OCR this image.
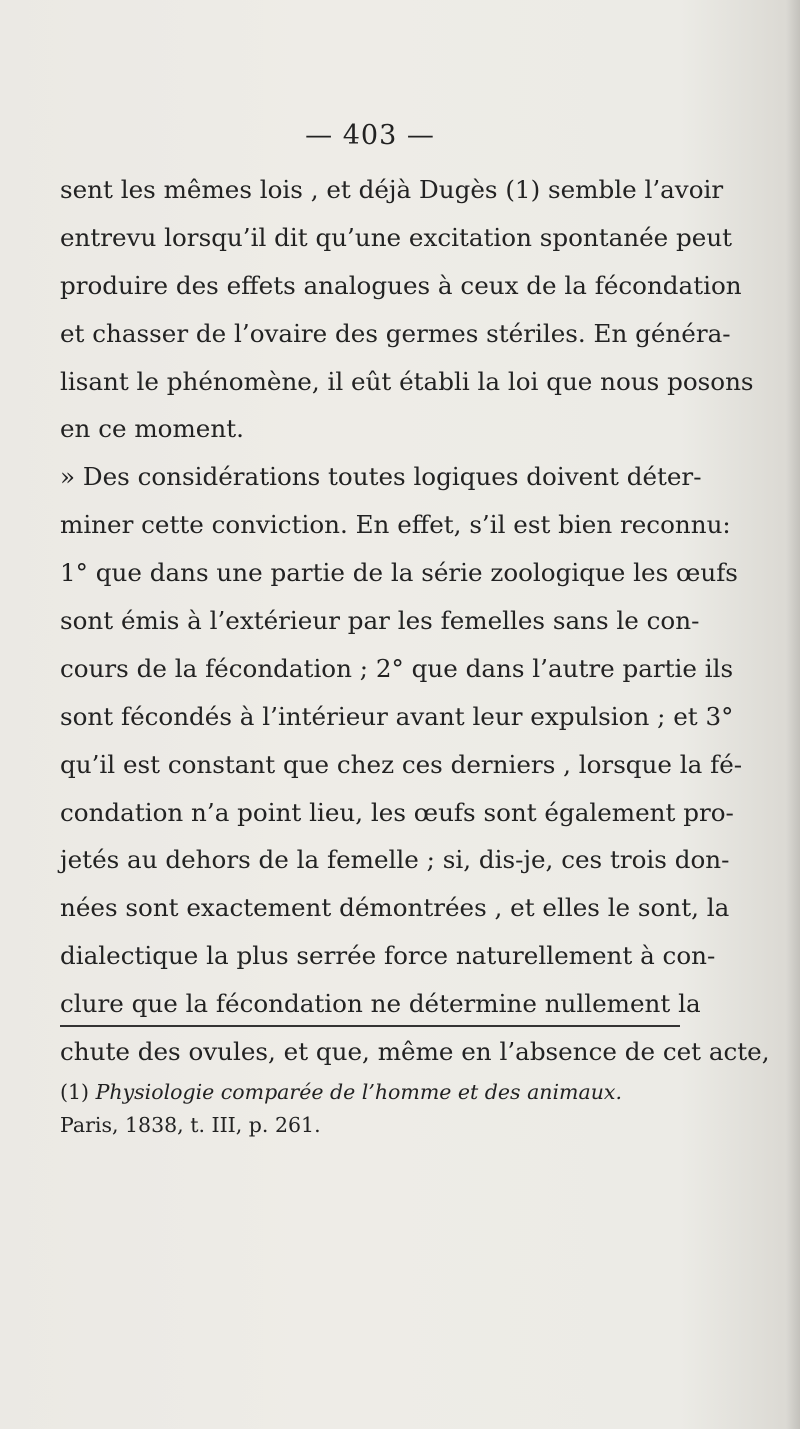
— 403 —
sent les mêmes lois , et déjà Dugès (1) semble l’avoir
entrevu lorsqu’il dit qu’une excitation spontanée peut
produire des effets analogues à ceux de la fécondation
et chasser de l’ovaire des germes stériles. En généra-
lisant le phénomène, il eût établi la loi que nous posons
en ce moment.
» Des considérations toutes logiques doivent déter-
miner cette conviction. En effet, s’il est bien reconnu:
1° que dans une partie de la série zoologique les œufs
sont émis à l’extérieur par les femelles sans le con-
cours de la fécondation ; 2° que dans l’autre partie ils
sont fécondés à l’intérieur avant leur expulsion ; et 3°
qu’il est constant que chez ces derniers , lorsque la fé-
condation n’a point lieu, les œufs sont également pro-
jetés au dehors de la femelle ; si, dis-je, ces trois don-
nées sont exactement démontrées , et elles le sont, la
dialectique la plus serrée force naturellement à con-
clure que la fécondation ne détermine nullement la
chute des ovules, et que, même en l’absence de cet acte,
(1) Physiologie comparée de l’homme et des animaux.
Paris, 1838, t. III, p. 261.
